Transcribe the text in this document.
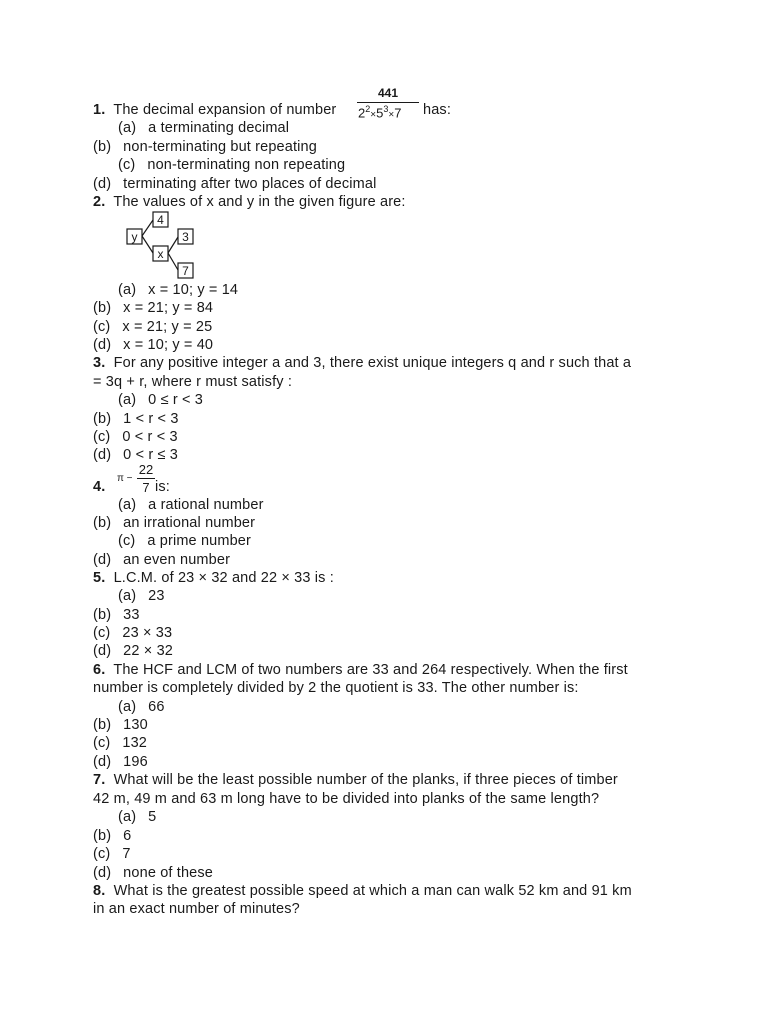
441
$2^2\times 5^3\times 7$
1. The decimal expansion of number	has:
(a) a terminating decimal
(b) non-terminating but repeating
(c) non-terminating non repeating
(d) terminating after two places of decimal
2. The values of x and y in the given figure are:
y
4
x
3
7
(a) x = 10; y = 14
(b) x = 21; y = 84
(c) x = 21; y = 25
(d) x = 10; y = 40
3. For any positive integer a and 3, there exist unique integers q and r such that a
= 3q + r, where r must satisfy :
(a) 0 ≤ r < 3
(b) 1 < r < 3
(c) 0 < r < 3
(d) 0 < r ≤ 3
4.
π −
22
7 is:
(a) a rational number
(b) an irrational number
(c) a prime number
(d) an even number
5. L.C.M. of 23 × 32 and 22 × 33 is :
(a) 23
(b) 33
(c) 23 × 33
(d) 22 × 32
6. The HCF and LCM of two numbers are 33 and 264 respectively. When the first
number is completely divided by 2 the quotient is 33. The other number is:
(a) 66
(b) 130
(c) 132
(d) 196
7. What will be the least possible number of the planks, if three pieces of timber
42 m, 49 m and 63 m long have to be divided into planks of the same length?
(a) 5
(b) 6
(c) 7
(d) none of these
8. What is the greatest possible speed at which a man can walk 52 km and 91 km
in an exact number of minutes?
